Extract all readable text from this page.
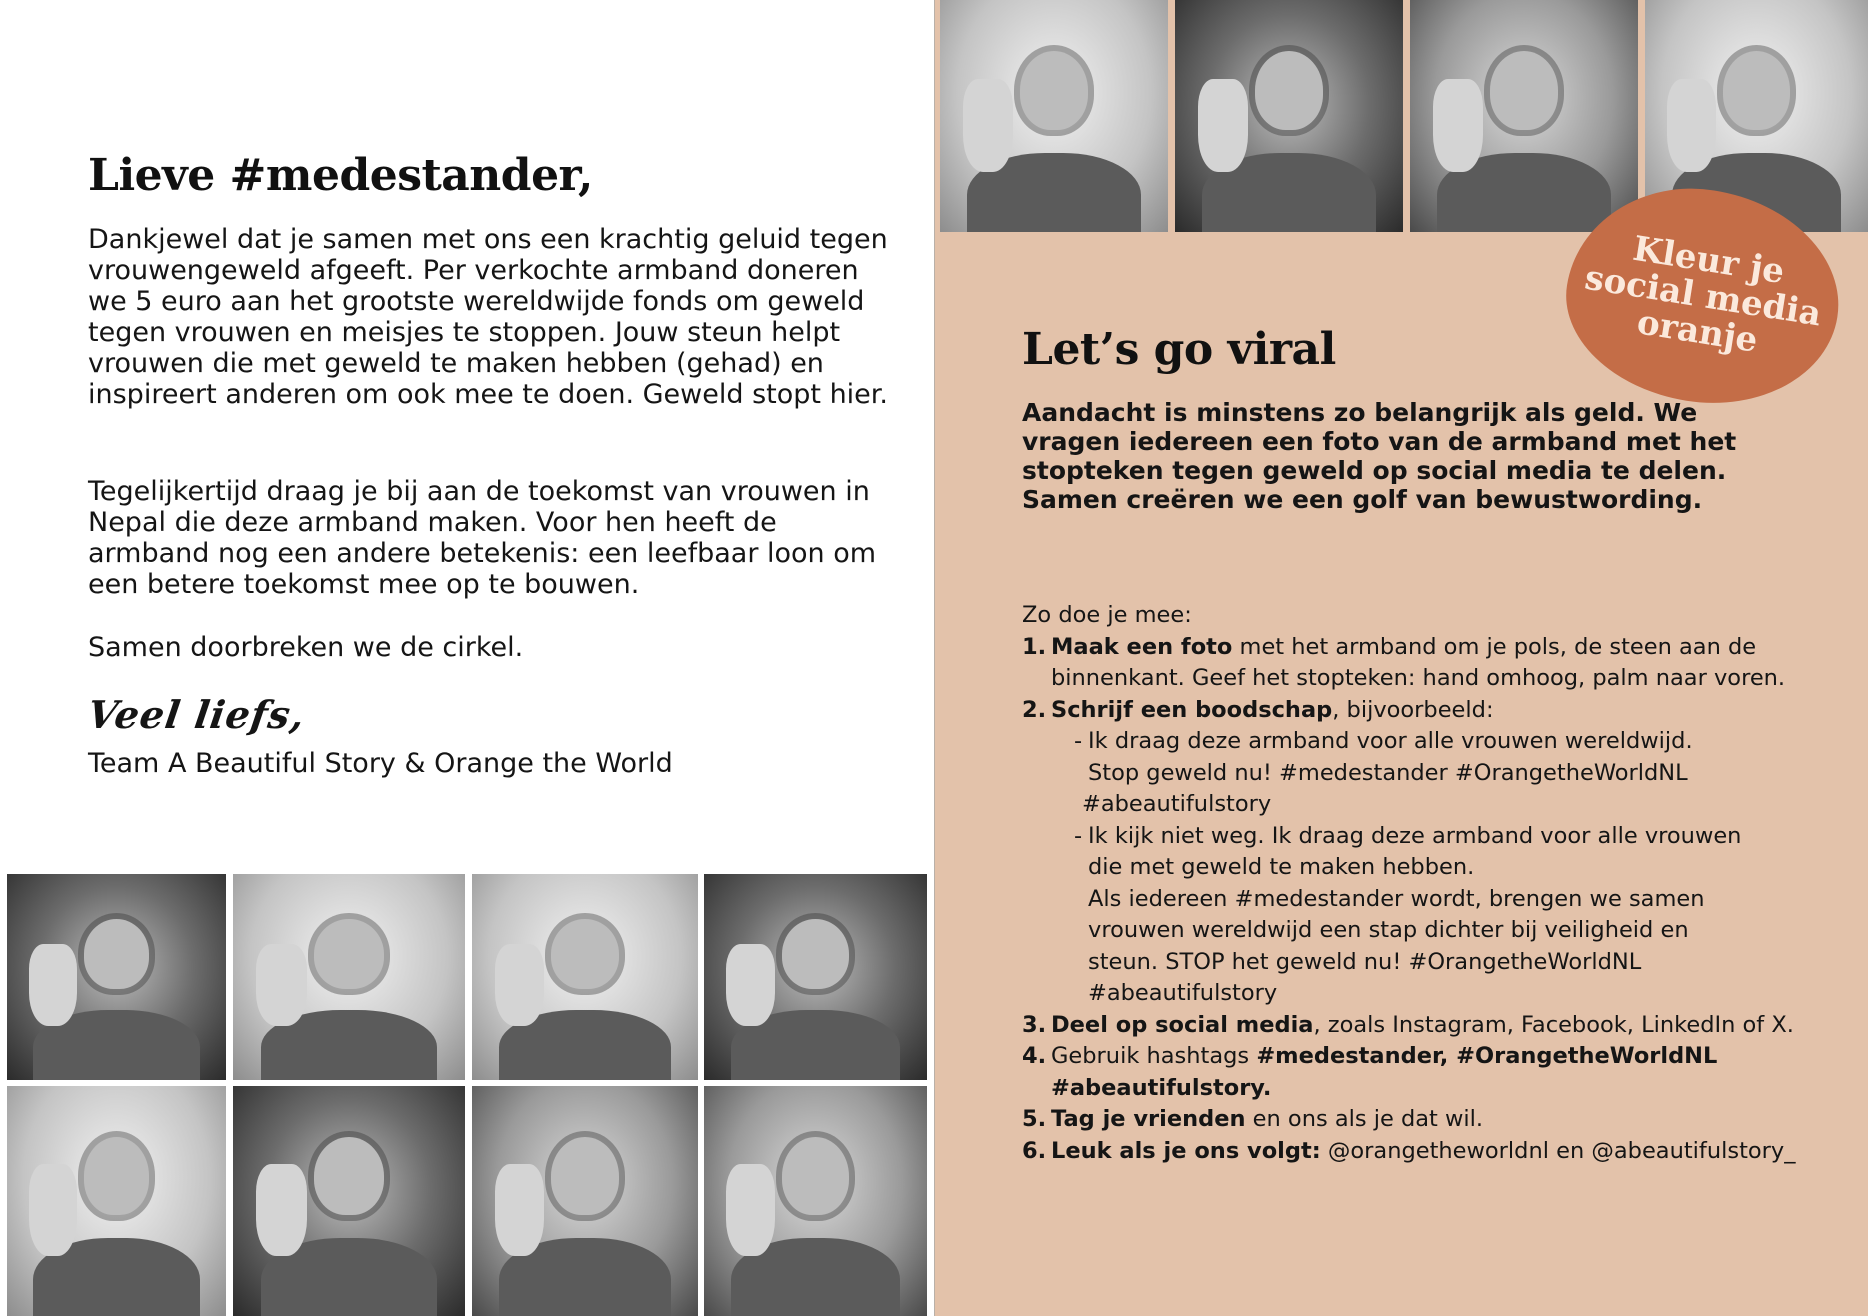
Lieve #medestander,

Dankjewel dat je samen met ons een krachtig geluid tegen vrouwengeweld afgeeft. Per verkochte armband doneren we 5 euro aan het grootste wereldwijde fonds om geweld tegen vrouwen en meisjes te stoppen. Jouw steun helpt vrouwen die met geweld te maken hebben (gehad) en inspireert anderen om ook mee te doen. Geweld stopt hier.

Tegelijkertijd draag je bij aan de toekomst van vrouwen in Nepal die deze armband maken. Voor hen heeft de armband nog een andere betekenis: een leefbaar loon om een betere toekomst mee op te bouwen.

Samen doorbreken we de cirkel.

Veel liefs,
Team A Beautiful Story & Orange the World

Kleur je social media oranje

Let’s go viral

Aandacht is minstens zo belangrijk als geld. We vragen iedereen een foto van de armband met het stopteken tegen geweld op social media te delen. Samen creëren we een golf van bewustwording.

Zo doe je mee:

1. Maak een foto met het armband om je pols, de steen aan de binnenkant. Geef het stopteken: hand omhoog, palm naar voren.

2. Schrijf een boodschap, bijvoorbeeld:

- Ik draag deze armband voor alle vrouwen wereldwijd.
Stop geweld nu! #medestander #OrangetheWorldNL
#abeautifulstory

- Ik kijk niet weg. Ik draag deze armband voor alle vrouwen
die met geweld te maken hebben.
Als iedereen #medestander wordt, brengen we samen
vrouwen wereldwijd een stap dichter bij veiligheid en
steun. STOP het geweld nu! #OrangetheWorldNL
#abeautifulstory

3. Deel op social media, zoals Instagram, Facebook, LinkedIn of X.

4. Gebruik hashtags #medestander, #OrangetheWorldNL #abeautifulstory.

5. Tag je vrienden en ons als je dat wil.

6. Leuk als je ons volgt: @orangetheworldnl en @abeautifulstory_
